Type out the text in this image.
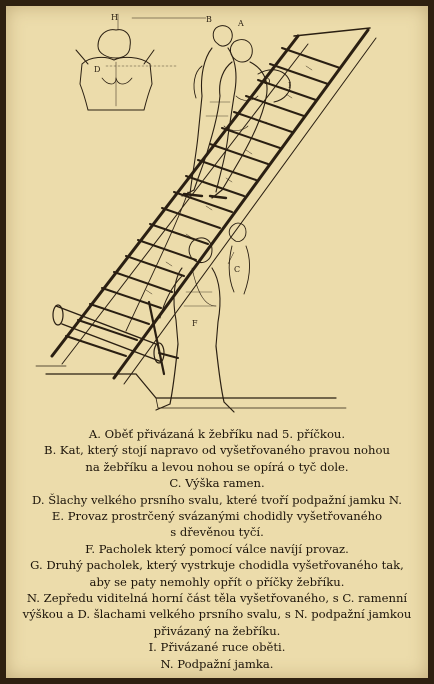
H	B	A
D
D I
C
F
A. Oběť přivázaná k žebříku nad 5. příčkou.
B. Kat, který stojí napravo od vyšetřovaného pravou nohou
na žebříku a levou nohou se opírá o tyč dole.
C. Výška ramen.
D. Šlachy velkého prsního svalu, které tvoří podpažní jamku N.
E. Provaz prostrčený svázanými chodidly vyšetřovaného
s dřevěnou tyčí.
F. Pacholek který pomocí válce navíjí provaz.
G. Druhý pacholek, který vystrkuje chodidla vyšetřovaného tak,
aby se paty nemohly opřít o příčky žebříku.
N. Zepředu viditelná horní část těla vyšetřovaného, s C. ramenní
výškou a D. šlachami velkého prsního svalu, s N. podpažní jamkou
přivázaný na žebříku.
I. Přivázané ruce oběti.
N. Podpažní jamka.
